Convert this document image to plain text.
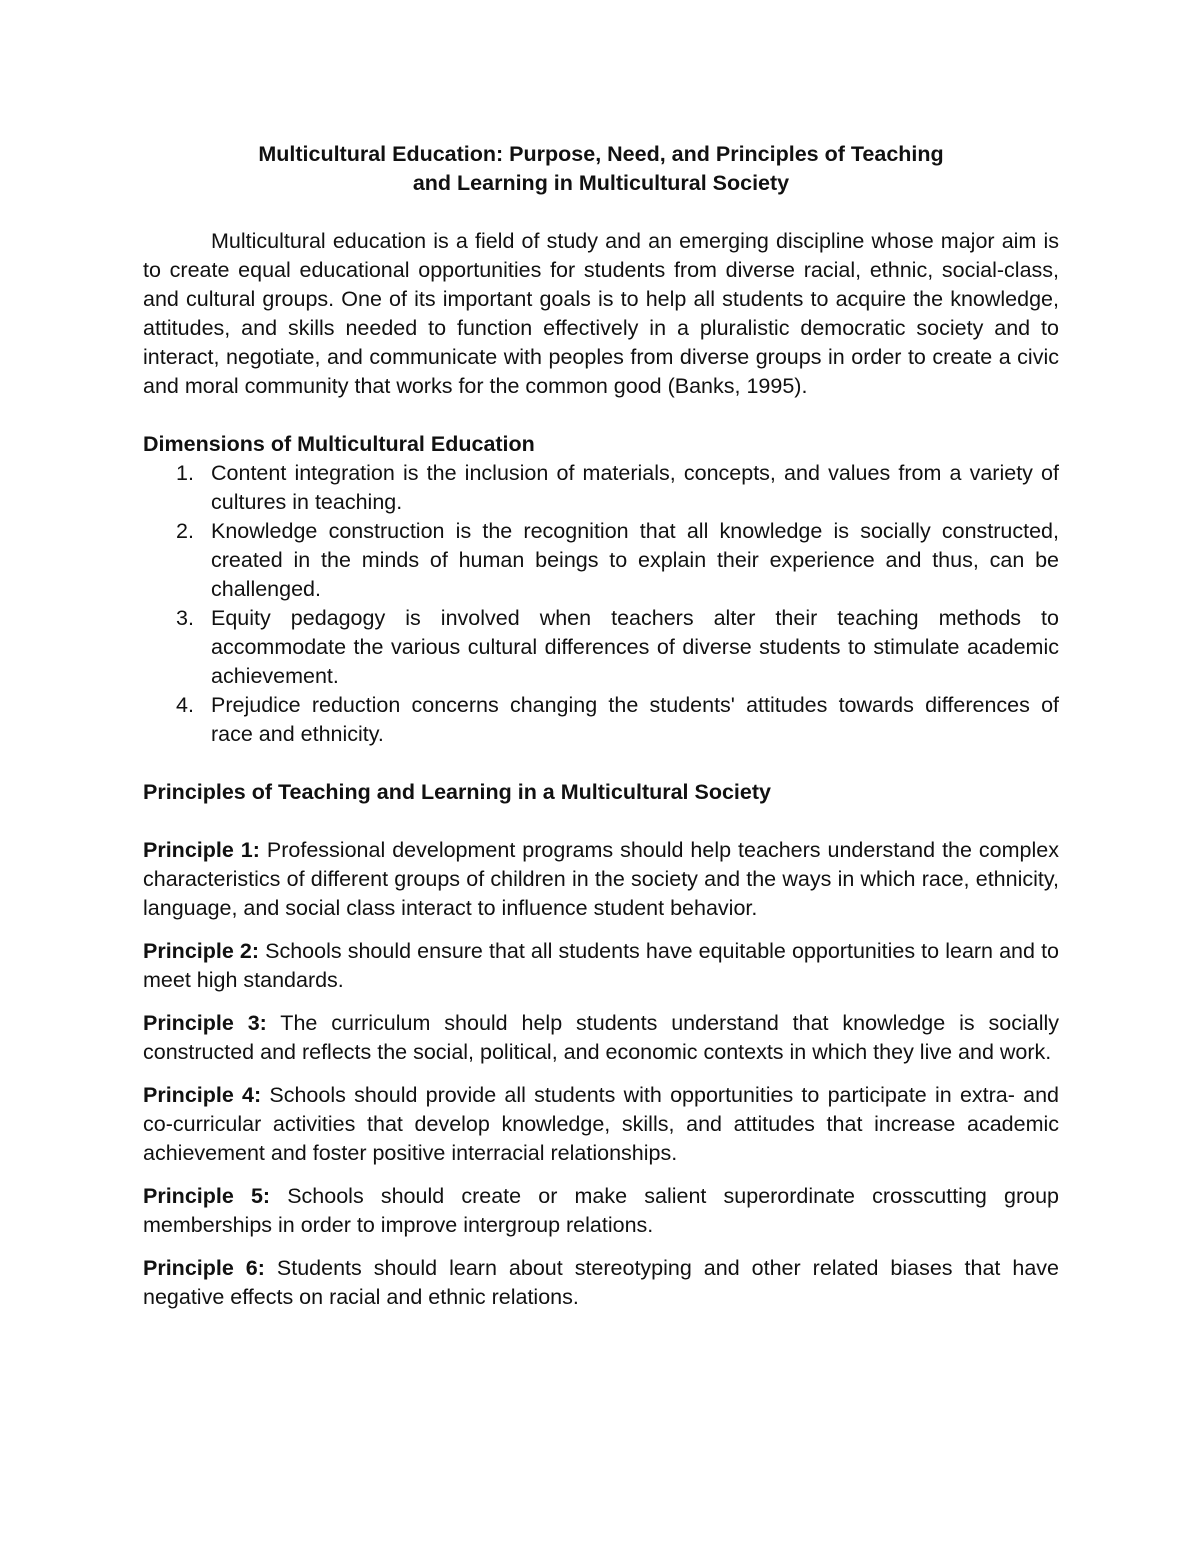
Multicultural Education: Purpose, Need, and Principles of Teaching
and Learning in Multicultural Society

Multicultural education is a field of study and an emerging discipline whose major aim is to create equal educational opportunities for students from diverse racial, ethnic, social-class, and cultural groups. One of its important goals is to help all students to acquire the knowledge, attitudes, and skills needed to function effectively in a pluralistic democratic society and to interact, negotiate, and communicate with peoples from diverse groups in order to create a civic and moral community that works for the common good (Banks, 1995).

Dimensions of Multicultural Education
1. Content integration is the inclusion of materials, concepts, and values from a variety of cultures in teaching.
2. Knowledge construction is the recognition that all knowledge is socially constructed, created in the minds of human beings to explain their experience and thus, can be challenged.
3. Equity pedagogy is involved when teachers alter their teaching methods to accommodate the various cultural differences of diverse students to stimulate academic achievement.
4. Prejudice reduction concerns changing the students' attitudes towards differences of race and ethnicity.
Principles of Teaching and Learning in a Multicultural Society

Principle 1: Professional development programs should help teachers understand the complex characteristics of different groups of children in the society and the ways in which race, ethnicity, language, and social class interact to influence student behavior.

Principle 2: Schools should ensure that all students have equitable opportunities to learn and to meet high standards.

Principle 3: The curriculum should help students understand that knowledge is socially constructed and reflects the social, political, and economic contexts in which they live and work.

Principle 4: Schools should provide all students with opportunities to participate in extra- and co-curricular activities that develop knowledge, skills, and attitudes that increase academic achievement and foster positive interracial relationships.

Principle 5: Schools should create or make salient superordinate crosscutting group memberships in order to improve intergroup relations.

Principle 6: Students should learn about stereotyping and other related biases that have negative effects on racial and ethnic relations.
